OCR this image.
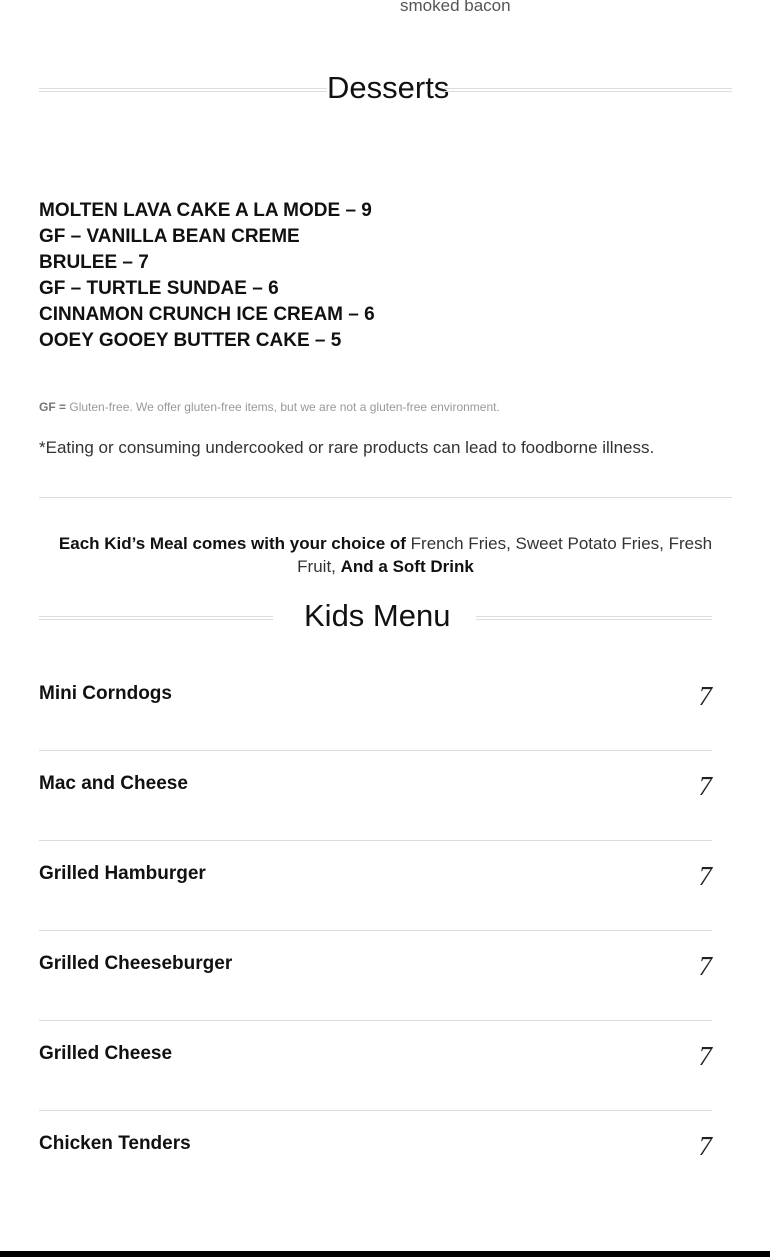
smoked bacon
Desserts
MOLTEN LAVA CAKE A LA MODE – 9
GF – VANILLA BEAN CREME BRULEE – 7
GF – TURTLE SUNDAE – 6
CINNAMON CRUNCH ICE CREAM – 6
OOEY GOOEY BUTTER CAKE – 5
GF = Gluten-free. We offer gluten-free items, but we are not a gluten-free environment.
*Eating or consuming undercooked or rare products can lead to foodborne illness.
Each Kid’s Meal comes with your choice of French Fries, Sweet Potato Fries, Fresh Fruit, And a Soft Drink
Kids Menu
Mini Corndogs	7
Mac and Cheese	7
Grilled Hamburger	7
Grilled Cheeseburger	7
Grilled Cheese	7
Chicken Tenders	7
